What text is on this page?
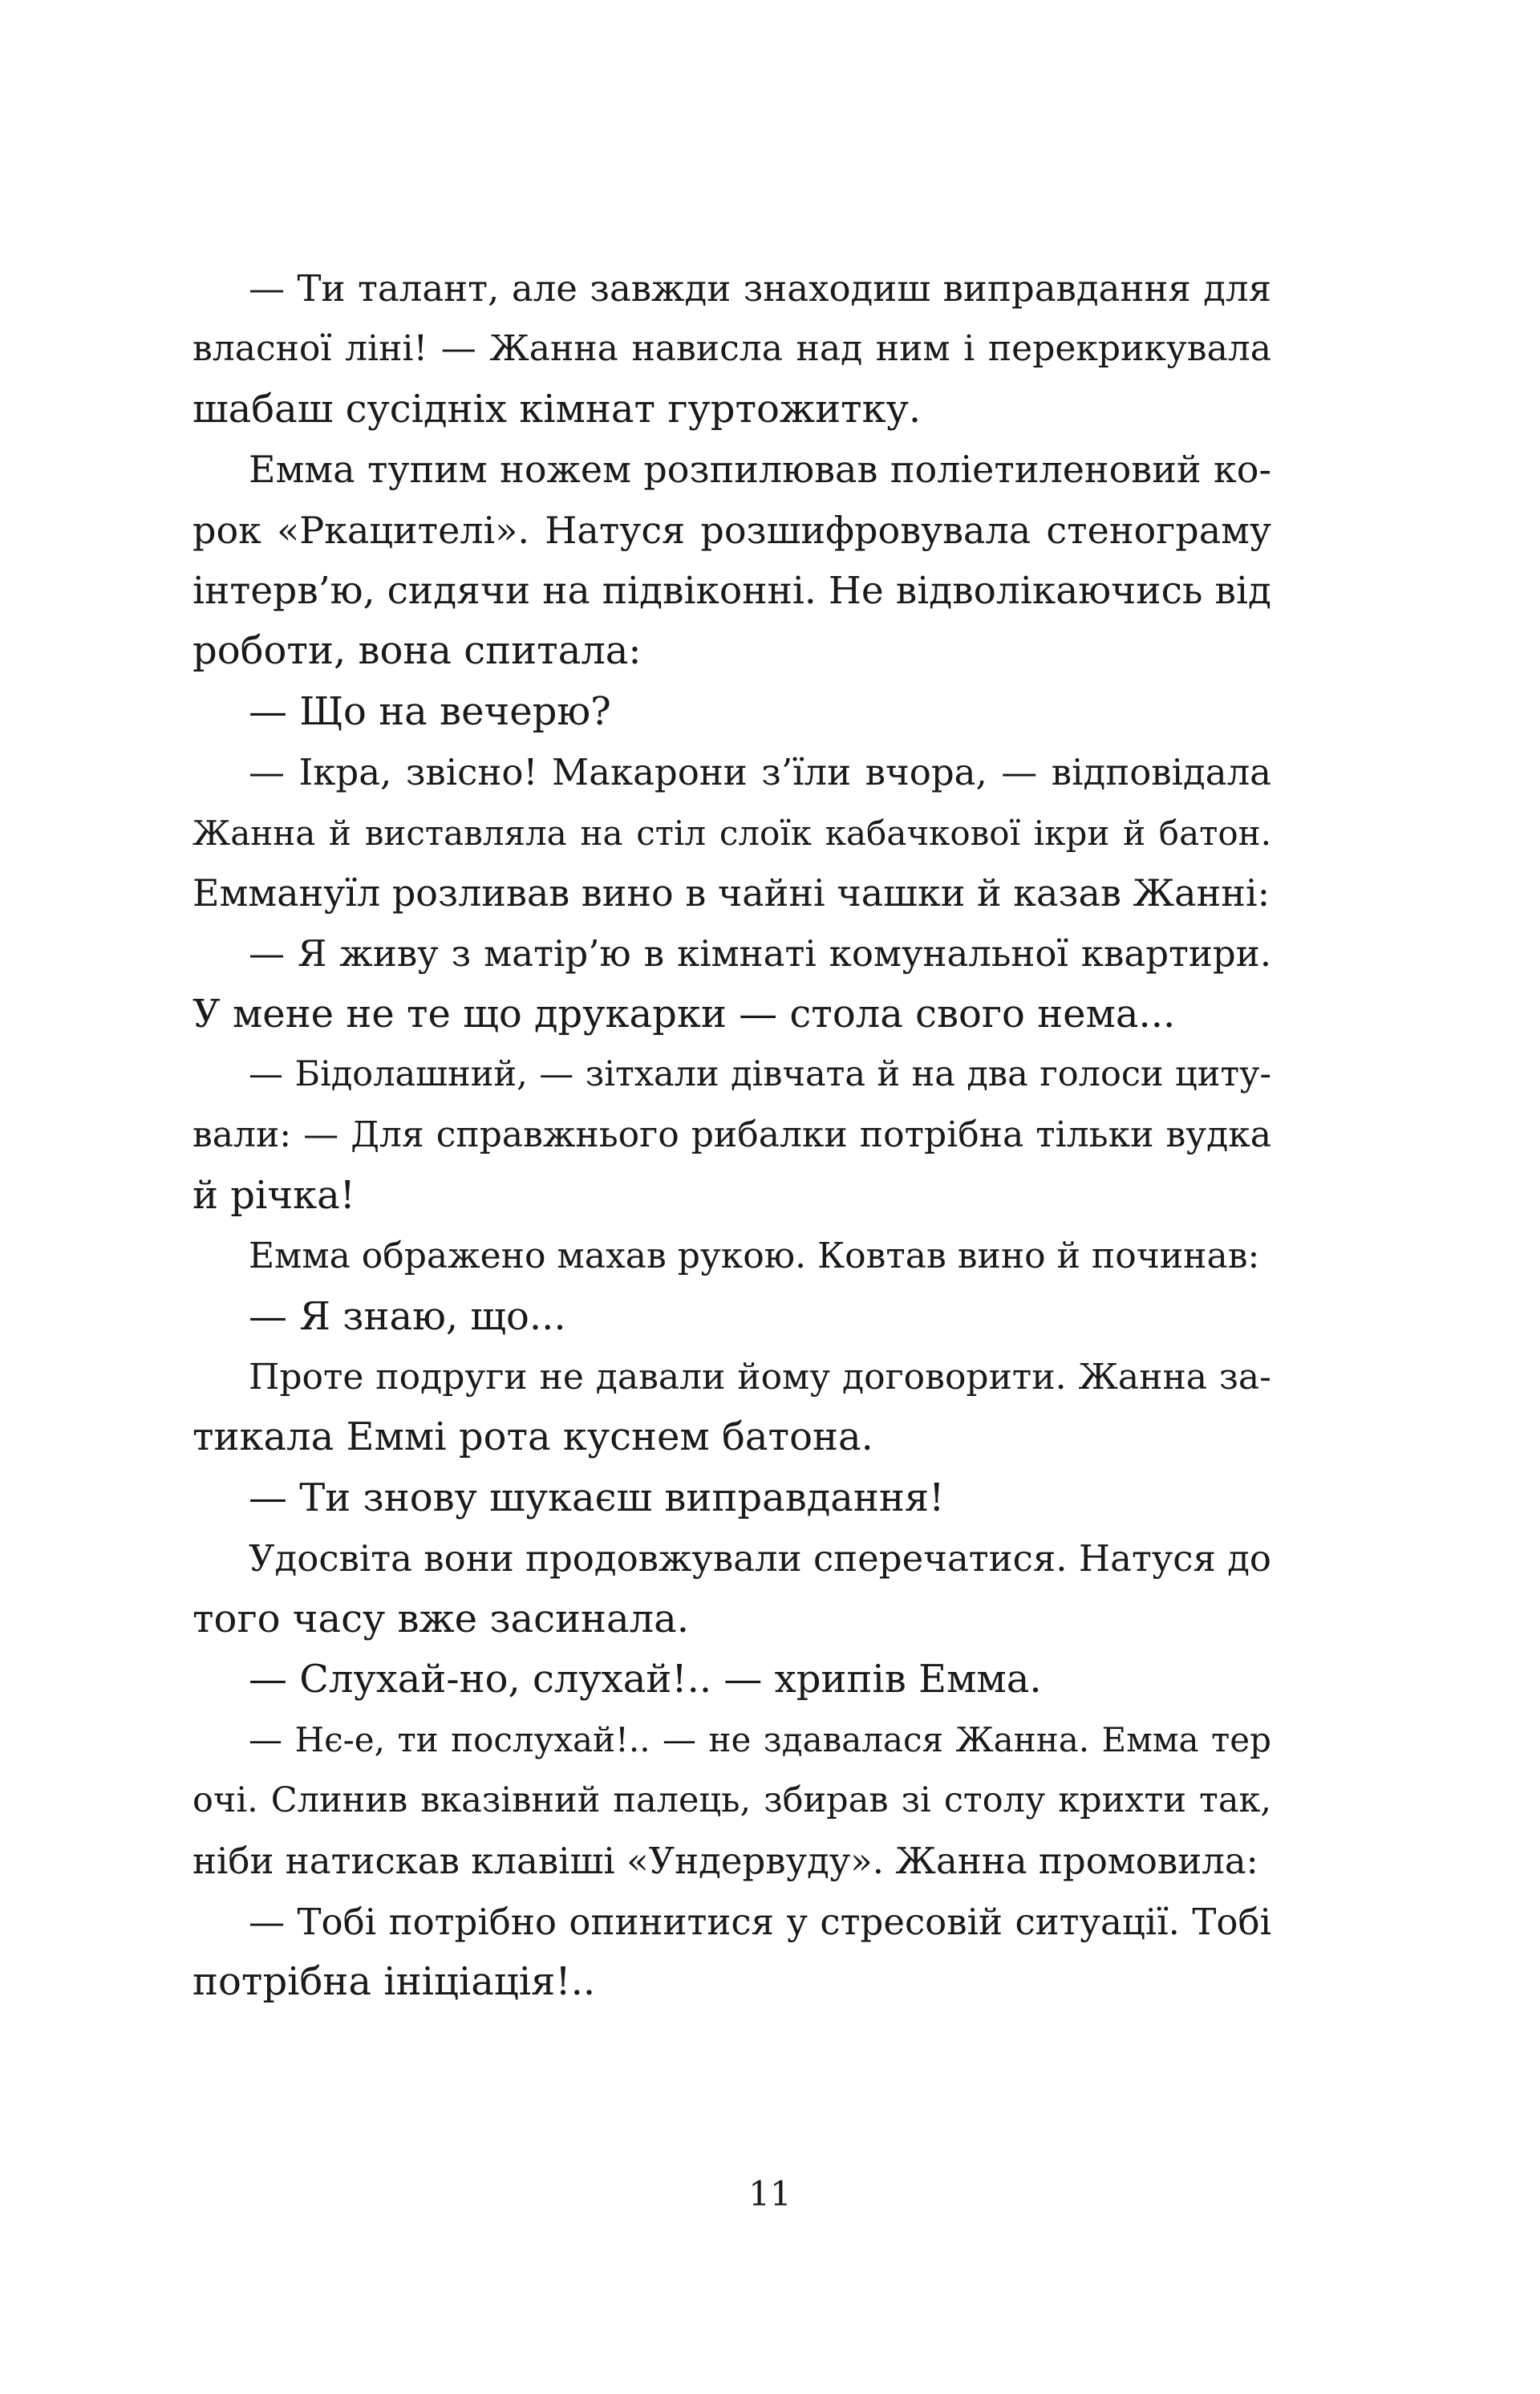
— Ти талант, але завжди знаходиш виправдання для
власної ліні! — Жанна нависла над ним і перекрикувала
шабаш сусідніх кімнат гуртожитку.
Емма тупим ножем розпилював поліетиленовий ко-
рок «Ркацителі». Натуся розшифровувала стенограму
інтерв’ю, сидячи на підвіконні. Не відволікаючись від
роботи, вона спитала:
— Що на вечерю?
— Ікра, звісно! Макарони з’їли вчора, — відповідала
Жанна й виставляла на стіл слоїк кабачкової ікри й батон.
Еммануїл розливав вино в чайні чашки й казав Жанні:
— Я живу з матір’ю в кімнаті комунальної квартири.
У мене не те що друкарки — стола свого нема...
— Бідолашний, — зітхали дівчата й на два голоси циту-
вали: — Для справжнього рибалки потрібна тільки вудка
й річка!
Емма ображено махав рукою. Ковтав вино й починав:
— Я знаю, що...
Проте подруги не давали йому договорити. Жанна за-
тикала Еммі рота куснем батона.
— Ти знову шукаєш виправдання!
Удосвіта вони продовжували сперечатися. Натуся до
того часу вже засинала.
— Слухай-но, слухай!.. — хрипів Емма.
— Нє-е, ти послухай!.. — не здавалася Жанна. Емма тер
очі. Слинив вказівний палець, збирав зі столу крихти так,
ніби натискав клавіші «Ундервуду». Жанна промовила:
— Тобі потрібно опинитися у стресовій ситуації. Тобі
потрібна ініціація!..
11
